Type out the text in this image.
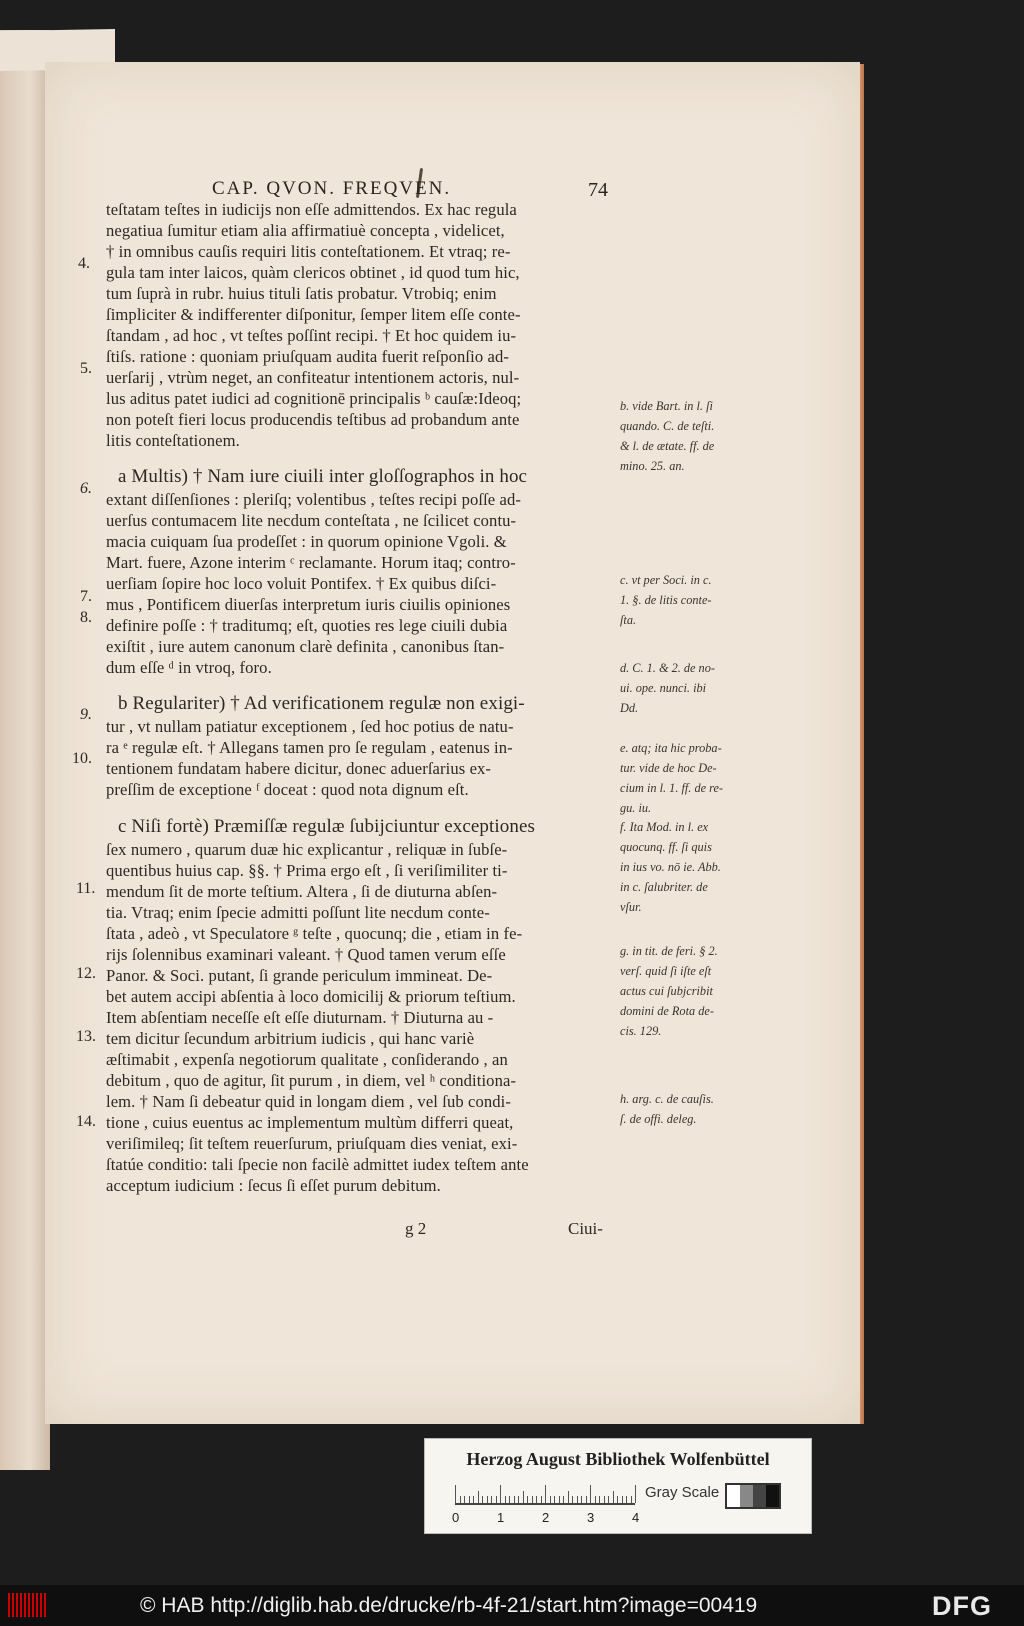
CAP. QVON. FREQVEN.	74
teſtatam teſtes in iudicijs non eſſe admittendos. Ex hac regula
negatiua ſumitur etiam alia affirmatiuè concepta , videlicet,
† in omnibus cauſis requiri litis conteſtationem. Et vtraq; re-
gula tam inter laicos, quàm clericos obtinet , id quod tum hic,
tum ſuprà in rubr. huius tituli ſatis probatur. Vtrobiq; enim
ſimpliciter & indifferenter diſponitur, ſemper litem eſſe conte-
ſtandam , ad hoc , vt teſtes poſſint recipi. † Et hoc quidem iu-
ſtiſs. ratione : quoniam priuſquam audita fuerit reſponſio ad-
uerſarij , vtrùm neget, an confiteatur intentionem actoris, nul-
lus aditus patet iudici ad cognitionē principalis ᵇ cauſæ:Ideoq;
non poteſt fieri locus producendis teſtibus ad probandum ante
litis conteſtationem.
a Multis) † Nam iure ciuili inter gloſſographos in hoc
extant diſſenſiones : pleriſq; volentibus , teſtes recipi poſſe ad-
uerſus contumacem lite necdum conteſtata , ne ſcilicet contu-
macia cuiquam ſua prodeſſet : in quorum opinione Vgoli. &
Mart. fuere, Azone interim ᶜ reclamante. Horum itaq; contro-
uerſiam ſopire hoc loco voluit Pontifex. † Ex quibus diſci-
mus , Pontificem diuerſas interpretum iuris ciuilis opiniones
definire poſſe : † traditumq; eſt, quoties res lege ciuili dubia
exiſtit , iure autem canonum clarè definita , canonibus ſtan-
dum eſſe ᵈ in vtroq, foro.
b Regulariter) † Ad verificationem regulæ non exigi-
tur , vt nullam patiatur exceptionem , ſed hoc potius de natu-
ra ᵉ regulæ eſt. † Allegans tamen pro ſe regulam , eatenus in-
tentionem fundatam habere dicitur, donec aduerſarius ex-
preſſim de exceptione ᶠ doceat : quod nota dignum eſt.
c Niſi fortè) Præmiſſæ regulæ ſubijciuntur exceptiones
ſex numero , quarum duæ hic explicantur , reliquæ in ſubſe-
quentibus huius cap. §§. † Prima ergo eſt , ſi veriſimiliter ti-
mendum ſit de morte teſtium. Altera , ſi de diuturna abſen-
tia. Vtraq; enim ſpecie admitti poſſunt lite necdum conte-
ſtata , adeò , vt Speculatore ᵍ teſte , quocunq; die , etiam in fe-
rijs ſolennibus examinari valeant. † Quod tamen verum eſſe
Panor. & Soci. putant, ſi grande periculum immineat. De-
bet autem accipi abſentia à loco domicilij & priorum teſtium.
Item abſentiam neceſſe eſt eſſe diuturnam. † Diuturna au -
tem dicitur ſecundum arbitrium iudicis , qui hanc variè
æſtimabit , expenſa negotiorum qualitate , conſiderando , an
debitum , quo de agitur, ſit purum , in diem, vel ʰ conditiona-
lem. † Nam ſi debeatur quid in longam diem , vel ſub condi-
tione , cuius euentus ac implementum multùm differri queat,
veriſimileq; ſit teſtem reuerſurum, priuſquam dies veniat, exi-
ſtatúe conditio: tali ſpecie non facilè admittet iudex teſtem ante
acceptum iudicium : ſecus ſi eſſet purum debitum.
4.
5.
6.
7.
8.
9.
10.
11.
12.
13.
14.
b. vide Bart. in l. ſi
quando. C. de teſti.
& l. de ætate. ff. de
mino. 25. an.
c. vt per Soci. in c.
1. §. de litis conte-
ſta.
d. C. 1. & 2. de no-
ui. ope. nunci. ibi
Dd.
e. atq; ita hic proba-
tur. vide de hoc De-
cium in l. 1. ff. de re-
gu. iu.
f. Ita Mod. in l. ex
quocunq. ff. ſi quis
in ius vo. nō ie. Abb.
in c. ſalubriter. de
vſur.
g. in tit. de feri. § 2.
verſ. quid ſi iſte eſt
actus cui ſubjcribit
domini de Rota de-
cis. 129.
h. arg. c. de cauſis.
ſ. de offi. deleg.
g 2	Ciui-
Herzog August Bibliothek Wolfenbüttel
Gray Scale
0	1	2	3	4
© HAB http://diglib.hab.de/drucke/rb-4f-21/start.htm?image=00419	DFG
